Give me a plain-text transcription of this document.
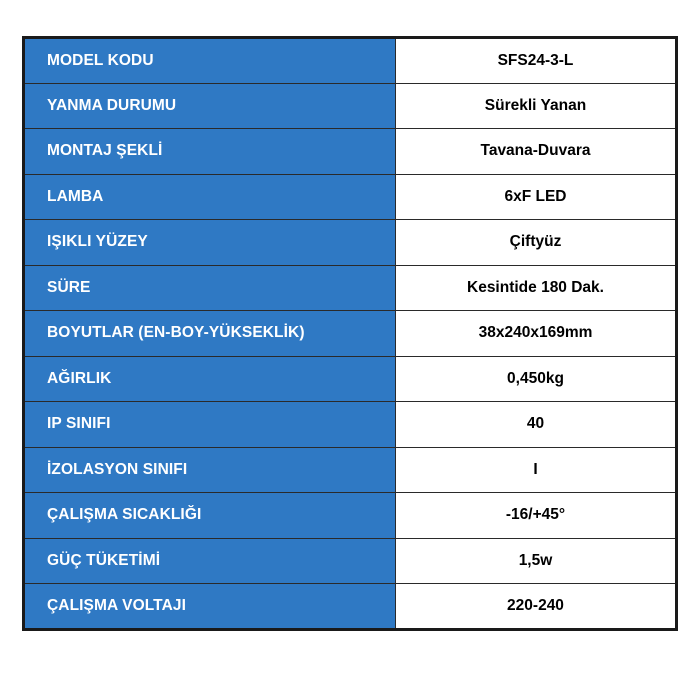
MODEL KODU	SFS24-3-L
YANMA DURUMU	Sürekli Yanan
MONTAJ ŞEKLİ	Tavana-Duvara
LAMBA	6xF LED
IŞIKLI YÜZEY	Çiftyüz
SÜRE	Kesintide 180 Dak.
BOYUTLAR (EN-BOY-YÜKSEKLİK)	38x240x169mm
AĞIRLIK	0,450kg
IP SINIFI	40
İZOLASYON SINIFI	I
ÇALIŞMA SICAKLIĞI	-16/+45°
GÜÇ TÜKETİMİ	1,5w
ÇALIŞMA VOLTAJI	220-240
